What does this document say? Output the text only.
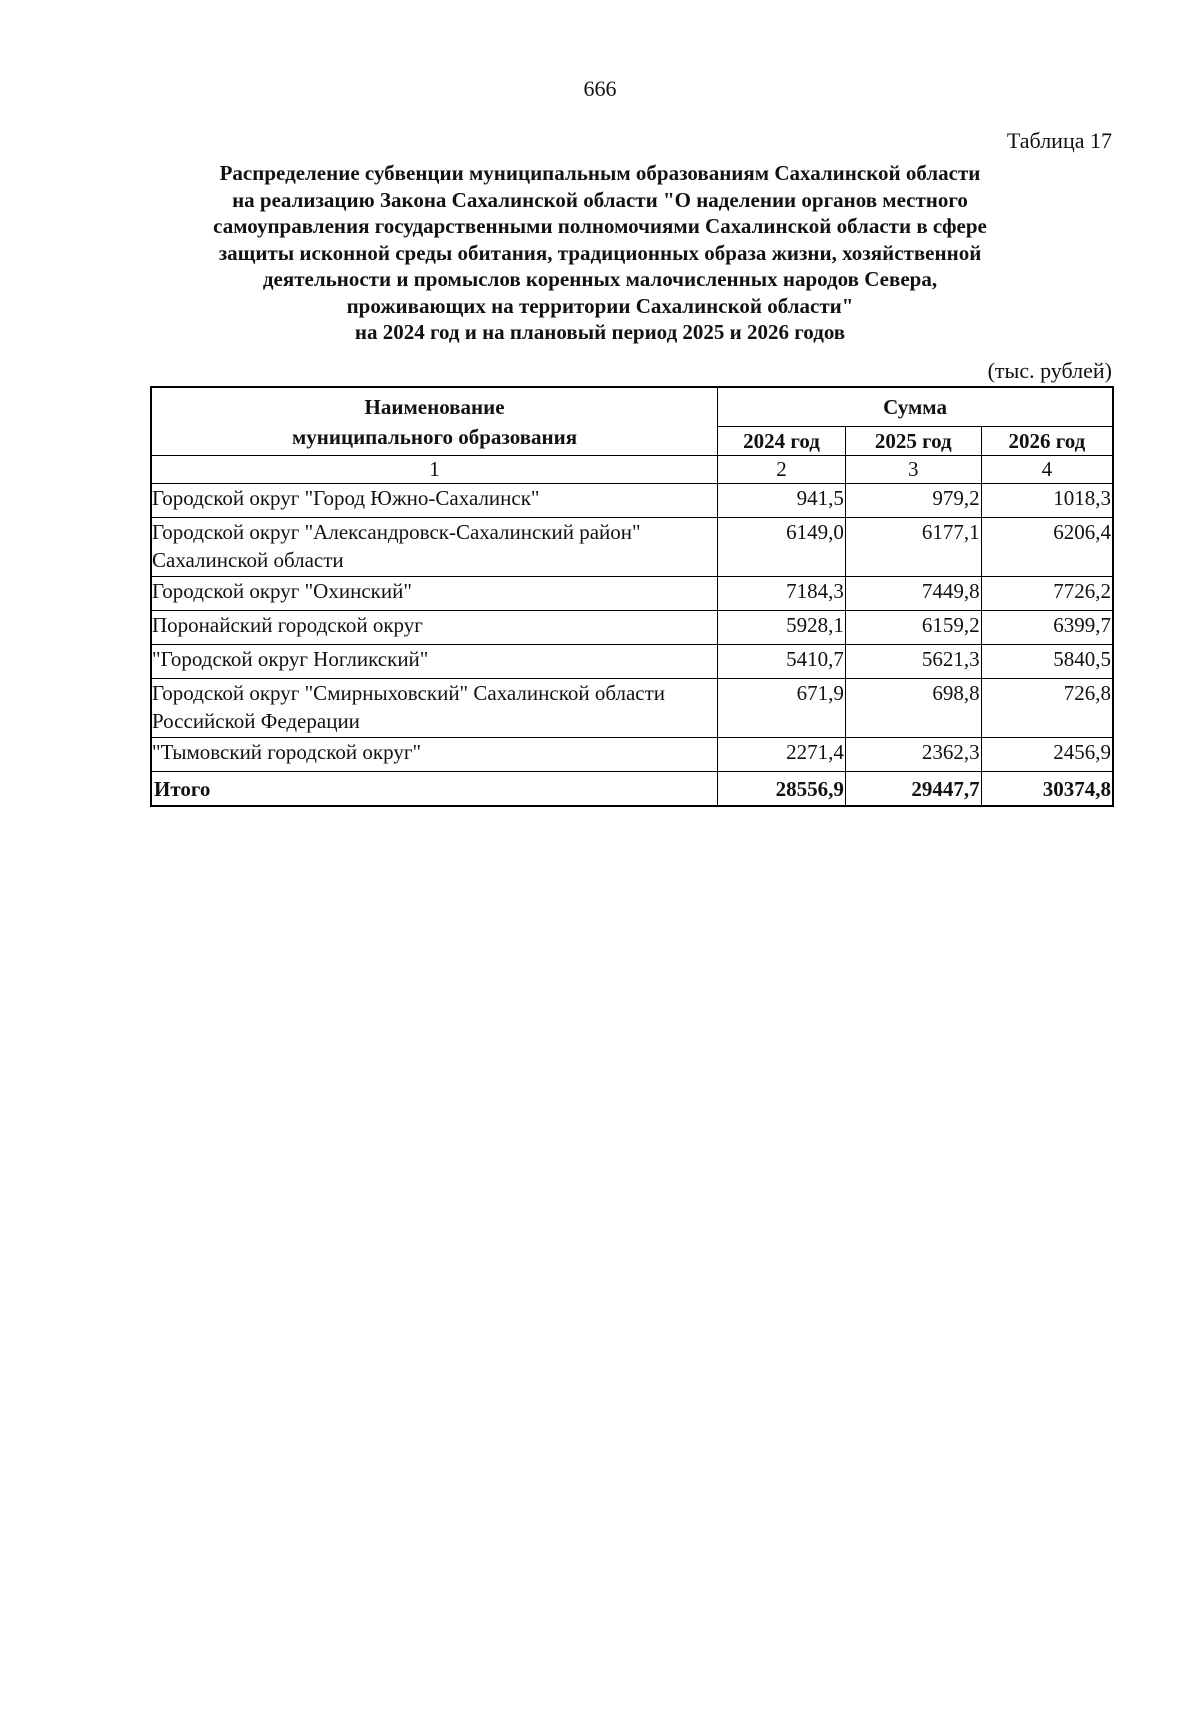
666
Таблица 17
Распределение субвенции муниципальным образованиям Сахалинской области
на реализацию Закона Сахалинской области "О наделении органов местного
самоуправления государственными полномочиями Сахалинской области в сфере
защиты исконной среды обитания, традиционных образа жизни, хозяйственной
деятельности и промыслов коренных малочисленных народов Севера,
проживающих на территории Сахалинской области"
на 2024 год и на плановый период 2025 и 2026 годов
(тыс. рублей)
Наименование
муниципального образования	Сумма		
	2024 год	2025 год	2026 год
1	2	3	4
Городской округ "Город Южно-Сахалинск"	941,5	979,2	1018,3
Городской округ "Александровск-Сахалинский район" Сахалинской области	6149,0	6177,1	6206,4
Городской округ "Охинский"	7184,3	7449,8	7726,2
Поронайский городской округ	5928,1	6159,2	6399,7
"Городской округ Ногликский"	5410,7	5621,3	5840,5
Городской округ "Смирныховский" Сахалинской области Российской Федерации	671,9	698,8	726,8
"Тымовский городской округ"	2271,4	2362,3	2456,9
Итого	28556,9	29447,7	30374,8
